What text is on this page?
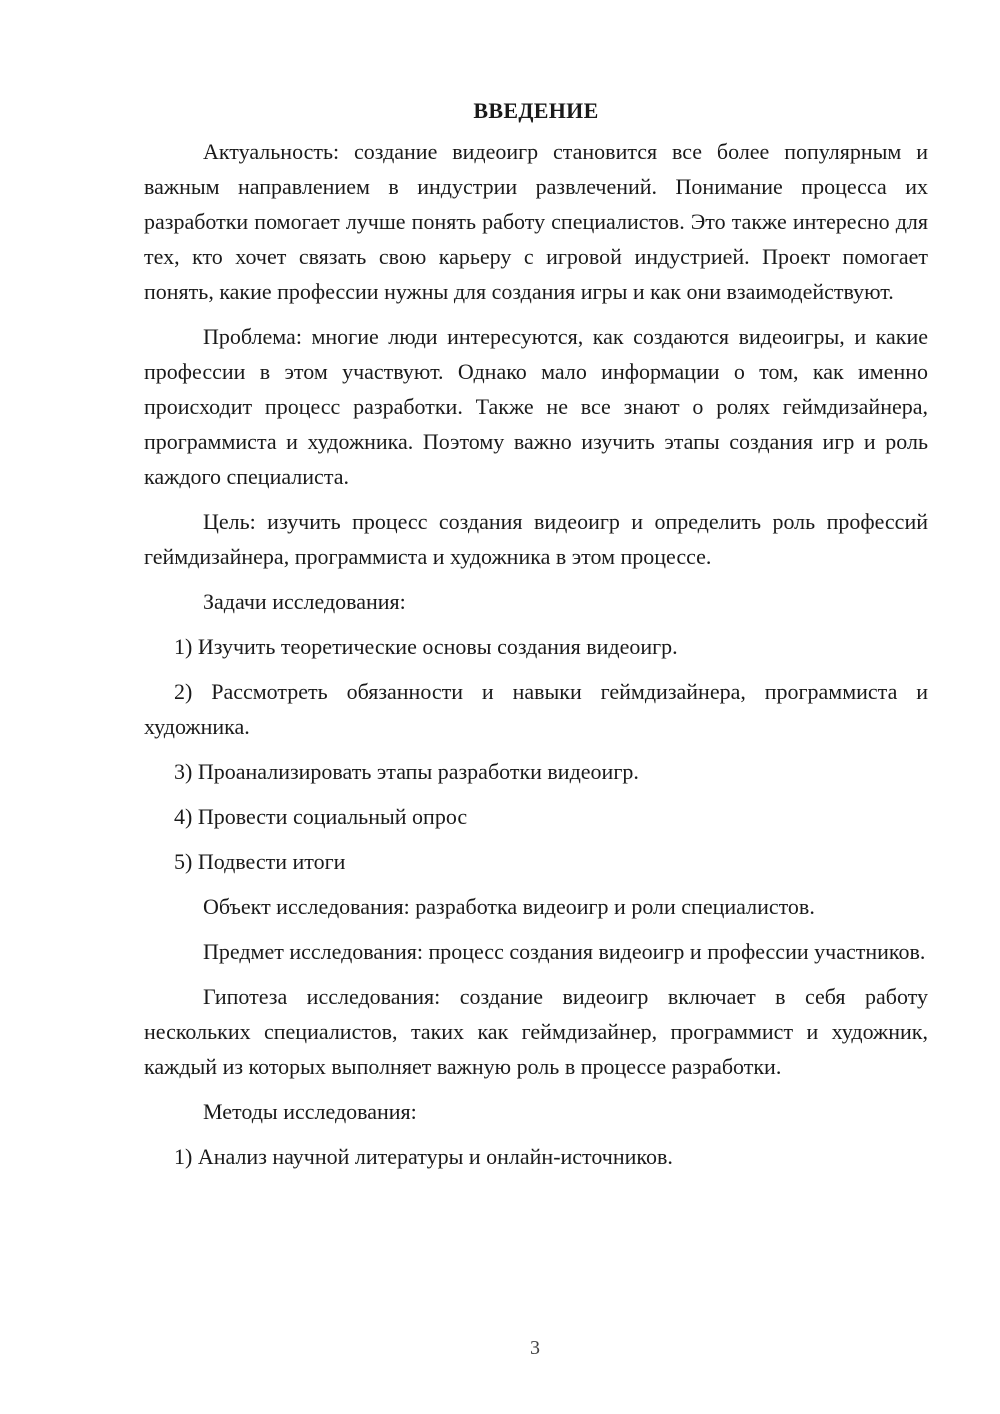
ВВЕДЕНИЕ

Актуальность: создание видеоигр становится все более популярным и важным направлением в индустрии развлечений. Понимание процесса их разработки помогает лучше понять работу специалистов. Это также интересно для тех, кто хочет связать свою карьеру с игровой индустрией. Проект помогает понять, какие профессии нужны для создания игры и как они взаимодействуют.

Проблема: многие люди интересуются, как создаются видеоигры, и какие профессии в этом участвуют. Однако мало информации о том, как именно происходит процесс разработки. Также не все знают о ролях геймдизайнера, программиста и художника. Поэтому важно изучить этапы создания игр и роль каждого специалиста.

Цель: изучить процесс создания видеоигр и определить роль профессий геймдизайнера, программиста и художника в этом процессе.

Задачи исследования:

1) Изучить теоретические основы создания видеоигр.

2) Рассмотреть обязанности и навыки геймдизайнера, программиста и художника.

3) Проанализировать этапы разработки видеоигр.

4) Провести социальный опрос

5) Подвести итоги

Объект исследования: разработка видеоигр и роли специалистов.

Предмет исследования: процесс создания видеоигр и профессии участников.

Гипотеза исследования: создание видеоигр включает в себя работу нескольких специалистов, таких как геймдизайнер, программист и художник, каждый из которых выполняет важную роль в процессе разработки.

Методы исследования:

1) Анализ научной литературы и онлайн-источников.

3
